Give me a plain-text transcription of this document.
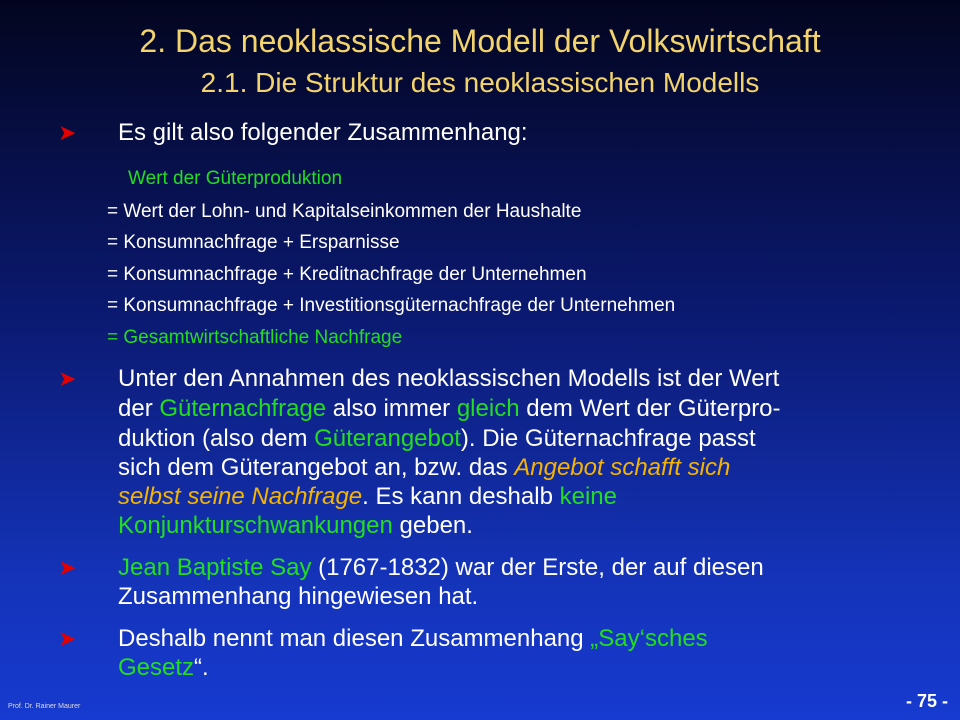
2. Das neoklassische Modell der Volkswirtschaft
2.1. Die Struktur des neoklassischen Modells
➤ Es gilt also folgender Zusammenhang:
Wert der Güterproduktion
= Wert der Lohn- und Kapitalseinkommen der Haushalte
= Konsumnachfrage + Ersparnisse
= Konsumnachfrage + Kreditnachfrage der Unternehmen
= Konsumnachfrage + Investitionsgüternachfrage der Unternehmen
= Gesamtwirtschaftliche Nachfrage
➤ Unter den Annahmen des neoklassischen Modells ist der Wert
der Güternachfrage also immer gleich dem Wert der Güterpro-
duktion (also dem Güterangebot). Die Güternachfrage passt
sich dem Güterangebot an, bzw. das Angebot schafft sich
selbst seine Nachfrage. Es kann deshalb keine
Konjunkturschwankungen geben.
➤ Jean Baptiste Say (1767-1832) war der Erste, der auf diesen
Zusammenhang hingewiesen hat.
➤ Deshalb nennt man diesen Zusammenhang „Say‘sches
Gesetz“.
Prof. Dr. Rainer Maurer	- 75 -
